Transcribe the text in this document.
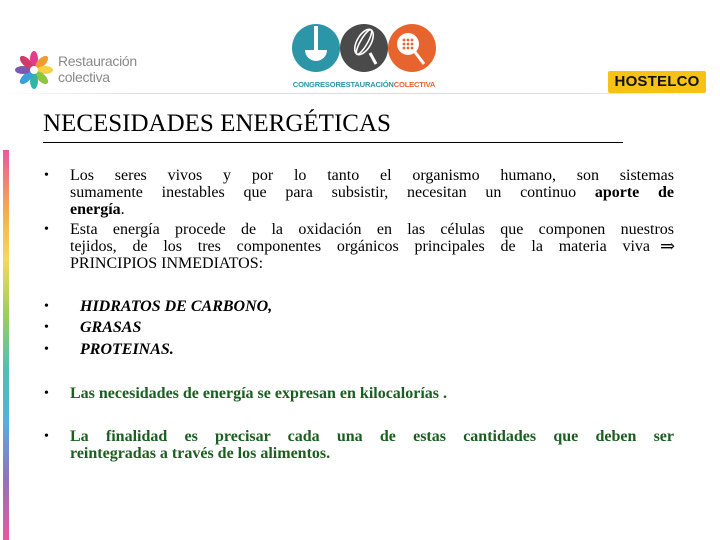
Restauración
colectiva	CONGRESORESTAURACIÓNCOLECTIVA	HOSTELCO
NECESIDADES ENERGÉTICAS
• Los seres vivos y por lo tanto el organismo humano, son sistemas
sumamente inestables que para subsistir, necesitan un continuo aporte de
energía.
• Esta energía procede de la oxidación en las células que componen nuestros
tejidos, de los tres componentes orgánicos principales de la materia viva ⇒
PRINCIPIOS INMEDIATOS:
• HIDRATOS DE CARBONO,
• GRASAS
• PROTEINAS.
• Las necesidades de energía se expresan en kilocalorías .
• La finalidad es precisar cada una de estas cantidades que deben ser
reintegradas a través de los alimentos.
